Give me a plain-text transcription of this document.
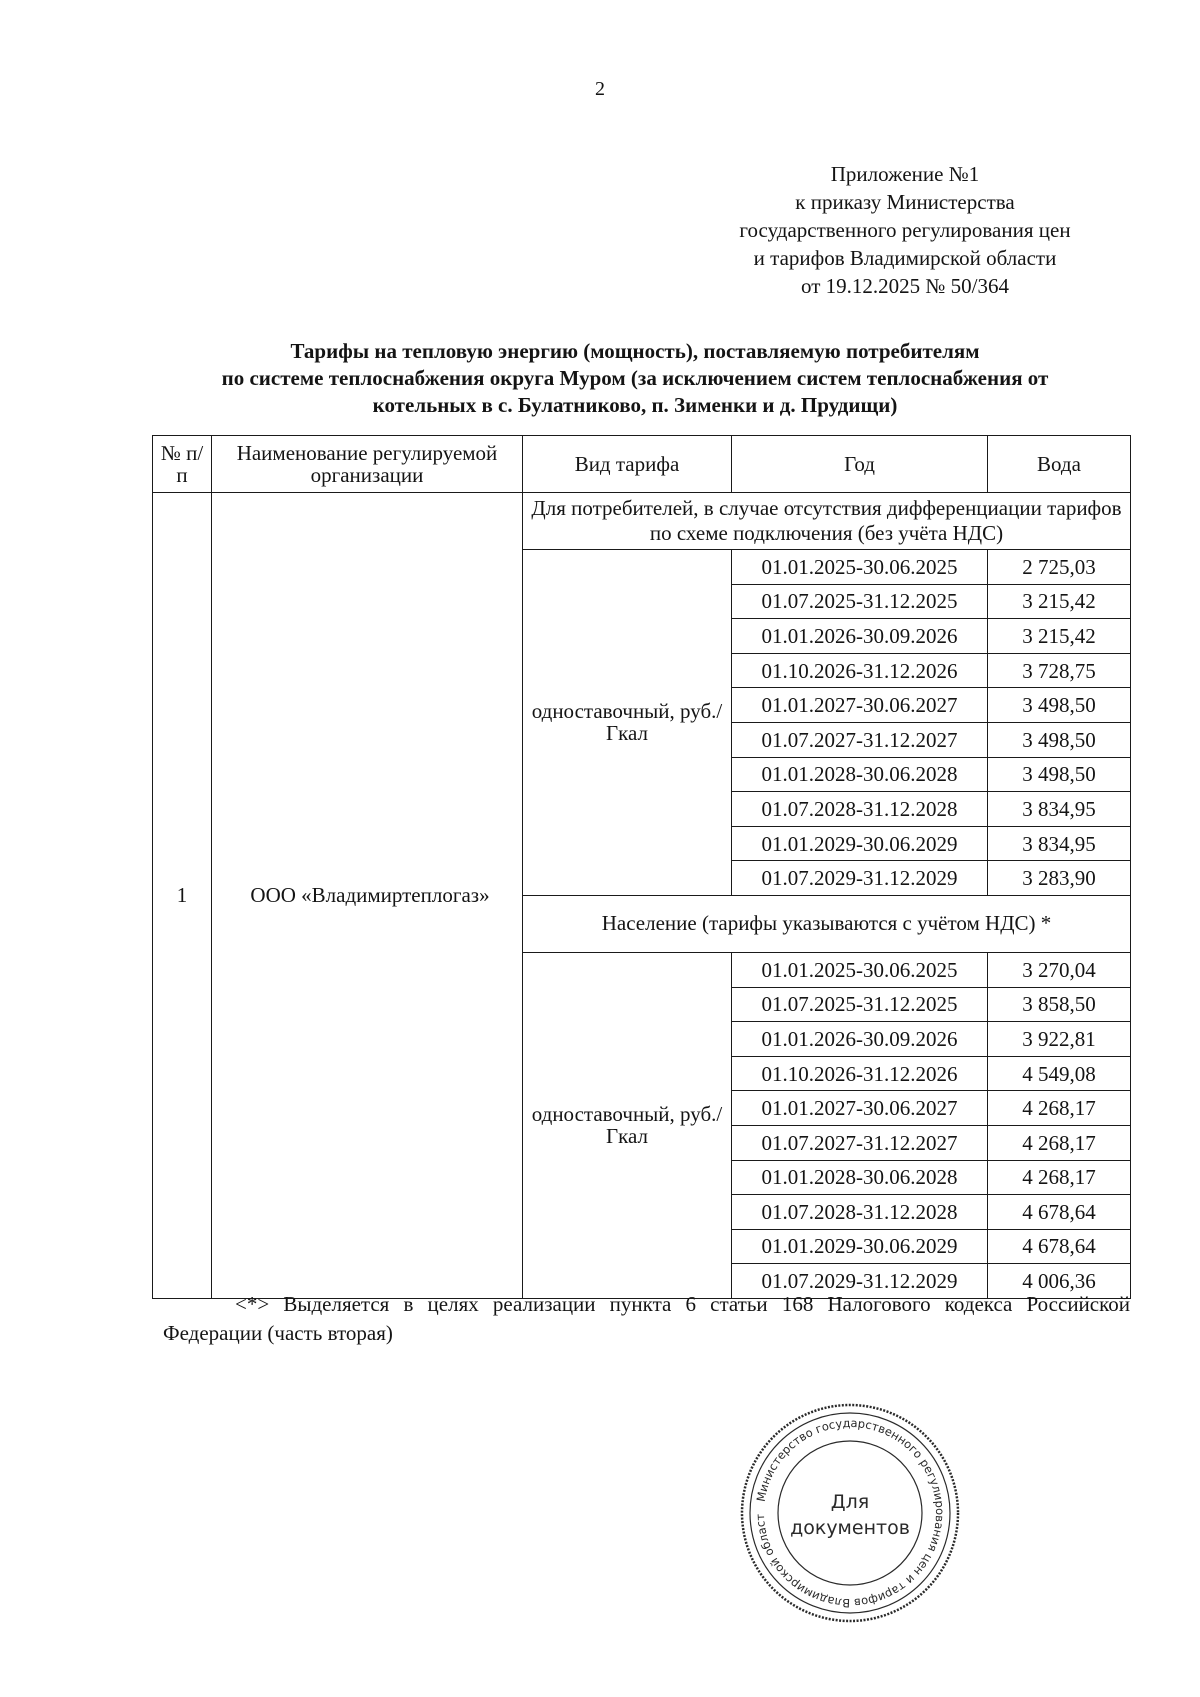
2
Приложение №1
к приказу Министерства
государственного регулирования цен
и тарифов Владимирской области
от 19.12.2025 № 50/364
Тарифы на тепловую энергию (мощность), поставляемую потребителям
по системе теплоснабжения округа Муром (за исключением систем теплоснабжения от
котельных в с. Булатниково, п. Зименки и д. Прудищи)
№ п/п	Наименование регулируемой организации	Вид тарифа	Год	Вода
1	ООО «Владимиртеплогаз»	Для потребителей, в случае отсутствия дифференциации тарифов по схеме подключения (без учёта НДС)		
		одноставочный, руб./Гкал	01.01.2025-30.06.2025	2 725,03
			01.07.2025-31.12.2025	3 215,42
			01.01.2026-30.09.2026	3 215,42
			01.10.2026-31.12.2026	3 728,75
			01.01.2027-30.06.2027	3 498,50
			01.07.2027-31.12.2027	3 498,50
			01.01.2028-30.06.2028	3 498,50
			01.07.2028-31.12.2028	3 834,95
			01.01.2029-30.06.2029	3 834,95
			01.07.2029-31.12.2029	3 283,90
		Население (тарифы указываются с учётом НДС) *		
		одноставочный, руб./Гкал	01.01.2025-30.06.2025	3 270,04
			01.07.2025-31.12.2025	3 858,50
			01.01.2026-30.09.2026	3 922,81
			01.10.2026-31.12.2026	4 549,08
			01.01.2027-30.06.2027	4 268,17
			01.07.2027-31.12.2027	4 268,17
			01.01.2028-30.06.2028	4 268,17
			01.07.2028-31.12.2028	4 678,64
			01.01.2029-30.06.2029	4 678,64
			01.07.2029-31.12.2029	4 006,36
<*> Выделяется в целях реализации пункта 6 статьи 168 Налогового кодекса Российской Федерации (часть вторая)
Министерство государственного регулирования цен и тарифов Владимирской област
Для
документов
